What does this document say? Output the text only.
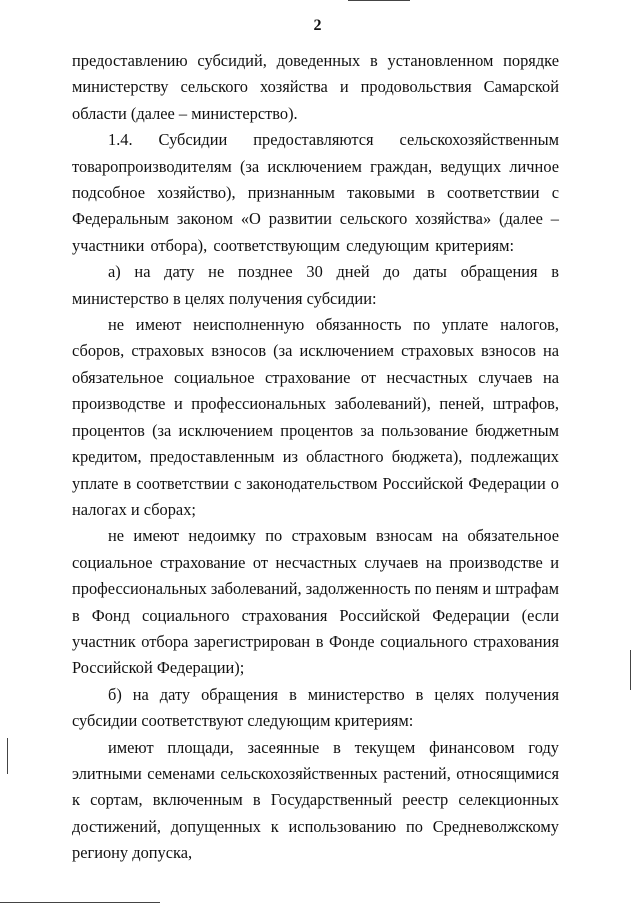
2

предоставлению субсидий, доведенных в установленном порядке министерству сельского хозяйства и продовольствия Самарской области (далее – министерство).

1.4. Субсидии предоставляются сельскохозяйственным товаропроизводителям (за исключением граждан, ведущих личное подсобное хозяйство), признанным таковыми в соответствии с Федеральным законом «О развитии сельского хозяйства» (далее – участники отбора), соответствующим следующим критериям:

а) на дату не позднее 30 дней до даты обращения в министерство в целях получения субсидии:

не имеют неисполненную обязанность по уплате налогов, сборов, страховых взносов (за исключением страховых взносов на обязательное социальное страхование от несчастных случаев на производстве и профессиональных заболеваний), пеней, штрафов, процентов (за исключением процентов за пользование бюджетным кредитом, предоставленным из областного бюджета), подлежащих уплате в соответствии с законодательством Российской Федерации о налогах и сборах;

не имеют недоимку по страховым взносам на обязательное социальное страхование от несчастных случаев на производстве и профессиональных заболеваний, задолженность по пеням и штрафам в Фонд социального страхования Российской Федерации (если участник отбора зарегистрирован в Фонде социального страхования Российской Федерации);

б) на дату обращения в министерство в целях получения субсидии соответствуют следующим критериям:

имеют площади, засеянные в текущем финансовом году элитными семенами сельскохозяйственных растений, относящимися к сортам, включенным в Государственный реестр селекционных достижений, допущенных к использованию по Средневолжскому региону допуска,
